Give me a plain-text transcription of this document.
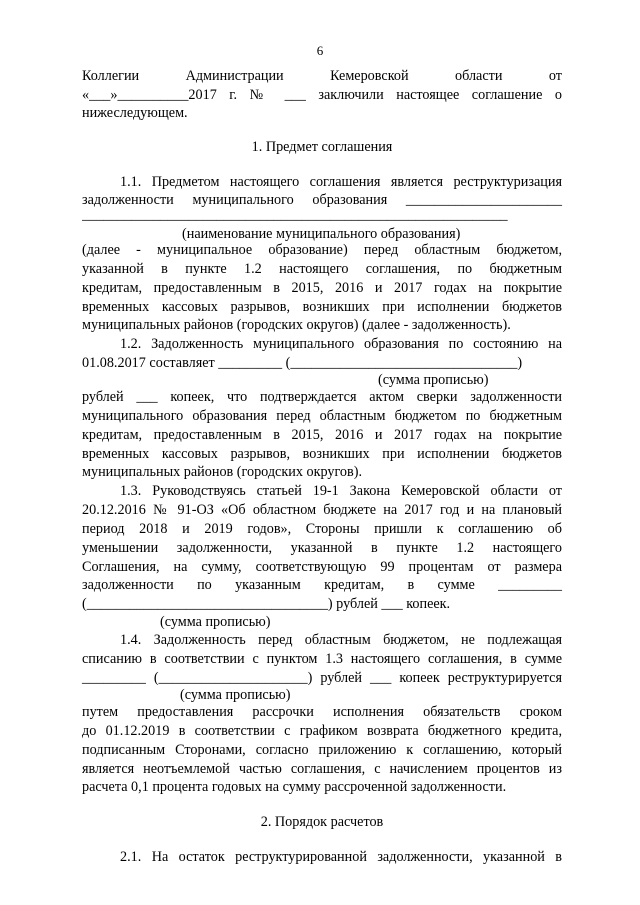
6
Коллегии Администрации Кемеровской области от
«___»__________2017 г. № ___ заключили настоящее соглашение о
нижеследующем.
1. Предмет соглашения
1.1. Предметом настоящего соглашения является реструктуризация
задолженности муниципального образования ______________________
____________________________________________________________
(наименование муниципального образования)
(далее - муниципальное образование) перед областным бюджетом,
указанной в пункте 1.2 настоящего соглашения, по бюджетным
кредитам, предоставленным в 2015, 2016 и 2017 годах на покрытие
временных кассовых разрывов, возникших при исполнении бюджетов
муниципальных районов (городских округов) (далее - задолженность).
1.2. Задолженность муниципального образования по состоянию на
01.08.2017 составляет _________ (________________________________)
(сумма прописью)
рублей ___ копеек, что подтверждается актом сверки задолженности
муниципального образования перед областным бюджетом по бюджетным
кредитам, предоставленным в 2015, 2016 и 2017 годах на покрытие
временных кассовых разрывов, возникших при исполнении бюджетов
муниципальных районов (городских округов).
1.3. Руководствуясь статьей 19-1 Закона Кемеровской области от
20.12.2016 № 91-ОЗ «Об областном бюджете на 2017 год и на плановый
период 2018 и 2019 годов», Стороны пришли к соглашению об
уменьшении задолженности, указанной в пункте 1.2 настоящего
Соглашения, на сумму, соответствующую 99 процентам от размера
задолженности по указанным кредитам, в сумме _________
(__________________________________) рублей ___ копеек.
(сумма прописью)
1.4. Задолженность перед областным бюджетом, не подлежащая
списанию в соответствии с пунктом 1.3 настоящего соглашения, в сумме
_________ (_____________________) рублей ___ копеек реструктурируется
(сумма прописью)
путем предоставления рассрочки исполнения обязательств сроком
до 01.12.2019 в соответствии с графиком возврата бюджетного кредита,
подписанным Сторонами, согласно приложению к соглашению, который
является неотъемлемой частью соглашения, с начислением процентов из
расчета 0,1 процента годовых на сумму рассроченной задолженности.
2. Порядок расчетов
2.1. На остаток реструктурированной задолженности, указанной в
